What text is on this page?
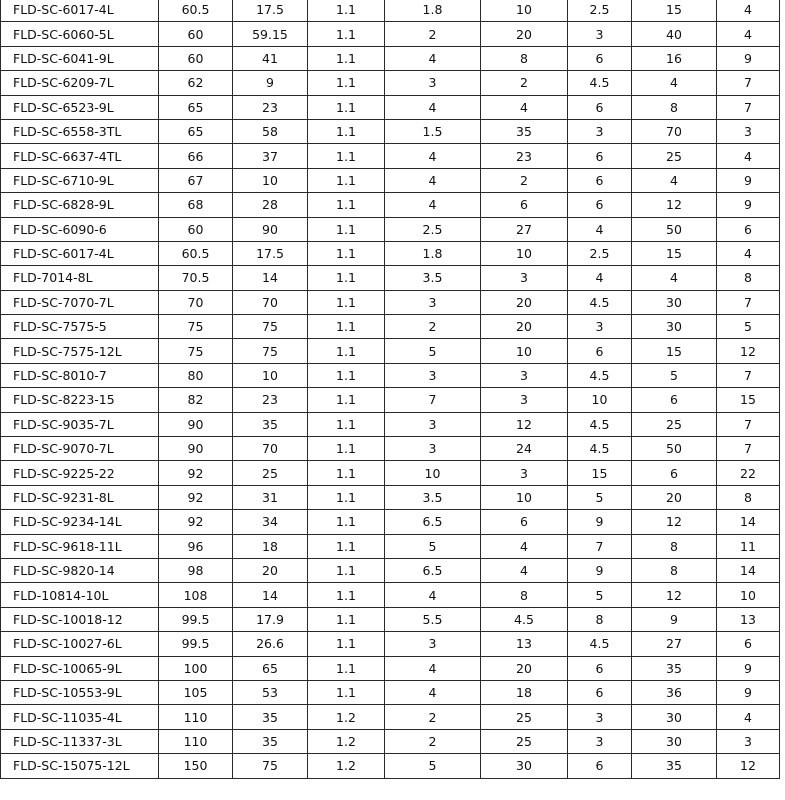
FLD-SC-6017-4L	60.5	17.5	1.1	1.8	10	2.5	15	4
FLD-SC-6060-5L	60	59.15	1.1	2	20	3	40	4
FLD-SC-6041-9L	60	41	1.1	4	8	6	16	9
FLD-SC-6209-7L	62	9	1.1	3	2	4.5	4	7
FLD-SC-6523-9L	65	23	1.1	4	4	6	8	7
FLD-SC-6558-3TL	65	58	1.1	1.5	35	3	70	3
FLD-SC-6637-4TL	66	37	1.1	4	23	6	25	4
FLD-SC-6710-9L	67	10	1.1	4	2	6	4	9
FLD-SC-6828-9L	68	28	1.1	4	6	6	12	9
FLD-SC-6090-6	60	90	1.1	2.5	27	4	50	6
FLD-SC-6017-4L	60.5	17.5	1.1	1.8	10	2.5	15	4
FLD-7014-8L	70.5	14	1.1	3.5	3	4	4	8
FLD-SC-7070-7L	70	70	1.1	3	20	4.5	30	7
FLD-SC-7575-5	75	75	1.1	2	20	3	30	5
FLD-SC-7575-12L	75	75	1.1	5	10	6	15	12
FLD-SC-8010-7	80	10	1.1	3	3	4.5	5	7
FLD-SC-8223-15	82	23	1.1	7	3	10	6	15
FLD-SC-9035-7L	90	35	1.1	3	12	4.5	25	7
FLD-SC-9070-7L	90	70	1.1	3	24	4.5	50	7
FLD-SC-9225-22	92	25	1.1	10	3	15	6	22
FLD-SC-9231-8L	92	31	1.1	3.5	10	5	20	8
FLD-SC-9234-14L	92	34	1.1	6.5	6	9	12	14
FLD-SC-9618-11L	96	18	1.1	5	4	7	8	11
FLD-SC-9820-14	98	20	1.1	6.5	4	9	8	14
FLD-10814-10L	108	14	1.1	4	8	5	12	10
FLD-SC-10018-12	99.5	17.9	1.1	5.5	4.5	8	9	13
FLD-SC-10027-6L	99.5	26.6	1.1	3	13	4.5	27	6
FLD-SC-10065-9L	100	65	1.1	4	20	6	35	9
FLD-SC-10553-9L	105	53	1.1	4	18	6	36	9
FLD-SC-11035-4L	110	35	1.2	2	25	3	30	4
FLD-SC-11337-3L	110	35	1.2	2	25	3	30	3
FLD-SC-15075-12L	150	75	1.2	5	30	6	35	12
